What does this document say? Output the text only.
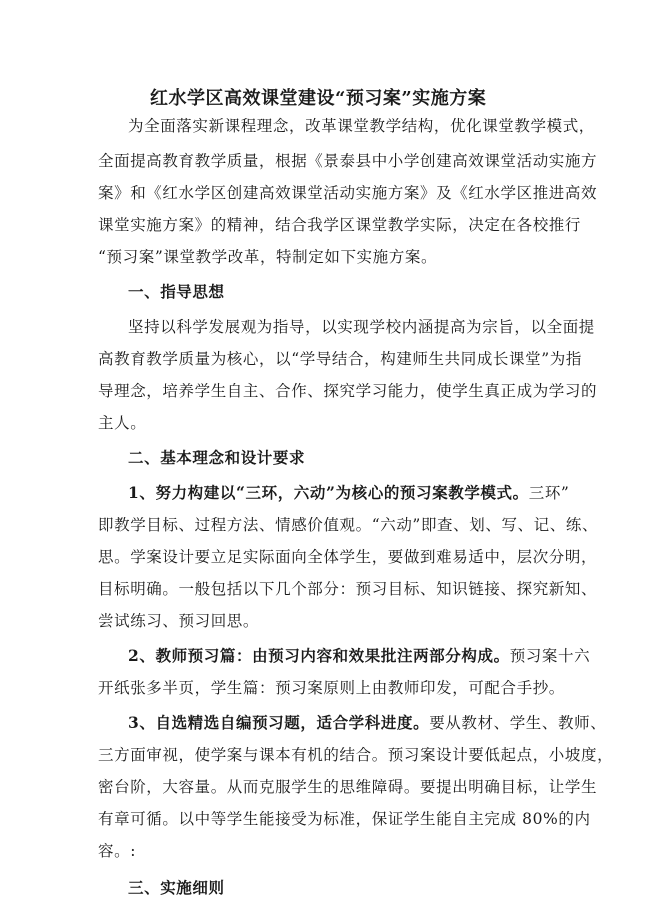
红水学区高效课堂建设“预习案”实施方案
为全面落实新课程理念，改革课堂教学结构，优化课堂教学模式，
全面提高教育教学质量，根据《景泰县中小学创建高效课堂活动实施方
案》和《红水学区创建高效课堂活动实施方案》及《红水学区推进高效
课堂实施方案》的精神，结合我学区课堂教学实际，决定在各校推行
“预习案”课堂教学改革，特制定如下实施方案。
一、指导思想
坚持以科学发展观为指导，以实现学校内涵提高为宗旨，以全面提
高教育教学质量为核心，以“学导结合，构建师生共同成长课堂”为指
导理念，培养学生自主、合作、探究学习能力，使学生真正成为学习的
主人。
二、基本理念和设计要求
1、努力构建以“三环，六动”为核心的预习案教学模式。三环”
即教学目标、过程方法、情感价值观。“六动”即查、划、写、记、练、
思。学案设计要立足实际面向全体学生，要做到难易适中，层次分明，
目标明确。一般包括以下几个部分：预习目标、知识链接、探究新知、
尝试练习、预习回思。
2、教师预习篇：由预习内容和效果批注两部分构成。预习案十六
开纸张多半页，学生篇：预习案原则上由教师印发，可配合手抄。
3、自选精选自编预习题，适合学科进度。要从教材、学生、教师、
三方面审视，使学案与课本有机的结合。预习案设计要低起点，小坡度，
密台阶，大容量。从而克服学生的思维障碍。要提出明确目标，让学生
有章可循。以中等学生能接受为标准，保证学生能自主完成 80%的内
容。:
三、实施细则
